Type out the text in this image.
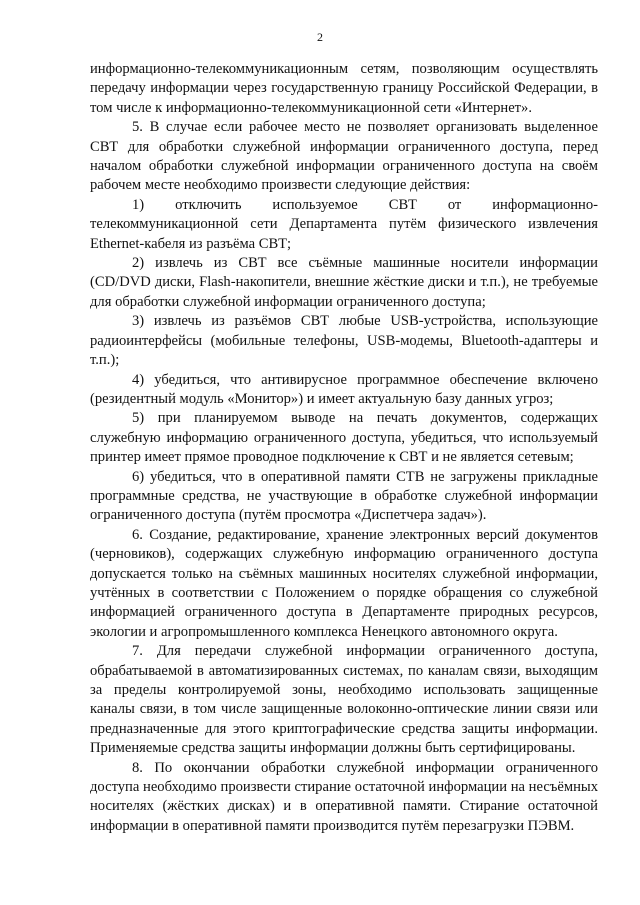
2

информационно-телекоммуникационным сетям, позволяющим осуществлять передачу информации через государственную границу Российской Федерации, в том числе к информационно-телекоммуникационной сети «Интернет».

5. В случае если рабочее место не позволяет организовать выделенное СВТ для обработки служебной информации ограниченного доступа, перед началом обработки служебной информации ограниченного доступа на своём рабочем месте необходимо произвести следующие действия:

1) отключить используемое СВТ от информационно-телекоммуникационной сети Департамента путём физического извлечения Ethernet-кабеля из разъёма СВТ;

2) извлечь из СВТ все съёмные машинные носители информации (CD/DVD диски, Flash-накопители, внешние жёсткие диски и т.п.), не требуемые для обработки служебной информации ограниченного доступа;

3) извлечь из разъёмов СВТ любые USB-устройства, использующие радиоинтерфейсы (мобильные телефоны, USB-модемы, Bluetooth-адаптеры и т.п.);

4) убедиться, что антивирусное программное обеспечение включено (резидентный модуль «Монитор») и имеет актуальную базу данных угроз;

5) при планируемом выводе на печать документов, содержащих служебную информацию ограниченного доступа, убедиться, что используемый принтер имеет прямое проводное подключение к СВТ и не является сетевым;

6) убедиться, что в оперативной памяти СТВ не загружены прикладные программные средства, не участвующие в обработке служебной информации ограниченного доступа (путём просмотра «Диспетчера задач»).

6. Создание, редактирование, хранение электронных версий документов (черновиков), содержащих служебную информацию ограниченного доступа допускается только на съёмных машинных носителях служебной информации, учтённых в соответствии с Положением о порядке обращения со служебной информацией ограниченного доступа в Департаменте природных ресурсов, экологии и агропромышленного комплекса Ненецкого автономного округа.

7. Для передачи служебной информации ограниченного доступа, обрабатываемой в автоматизированных системах, по каналам связи, выходящим за пределы контролируемой зоны, необходимо использовать защищенные каналы связи, в том числе защищенные волоконно-оптические линии связи или предназначенные для этого криптографические средства защиты информации. Применяемые средства защиты информации должны быть сертифицированы.

8. По окончании обработки служебной информации ограниченного доступа необходимо произвести стирание остаточной информации на несъёмных носителях (жёстких дисках) и в оперативной памяти. Стирание остаточной информации в оперативной памяти производится путём перезагрузки ПЭВМ.
